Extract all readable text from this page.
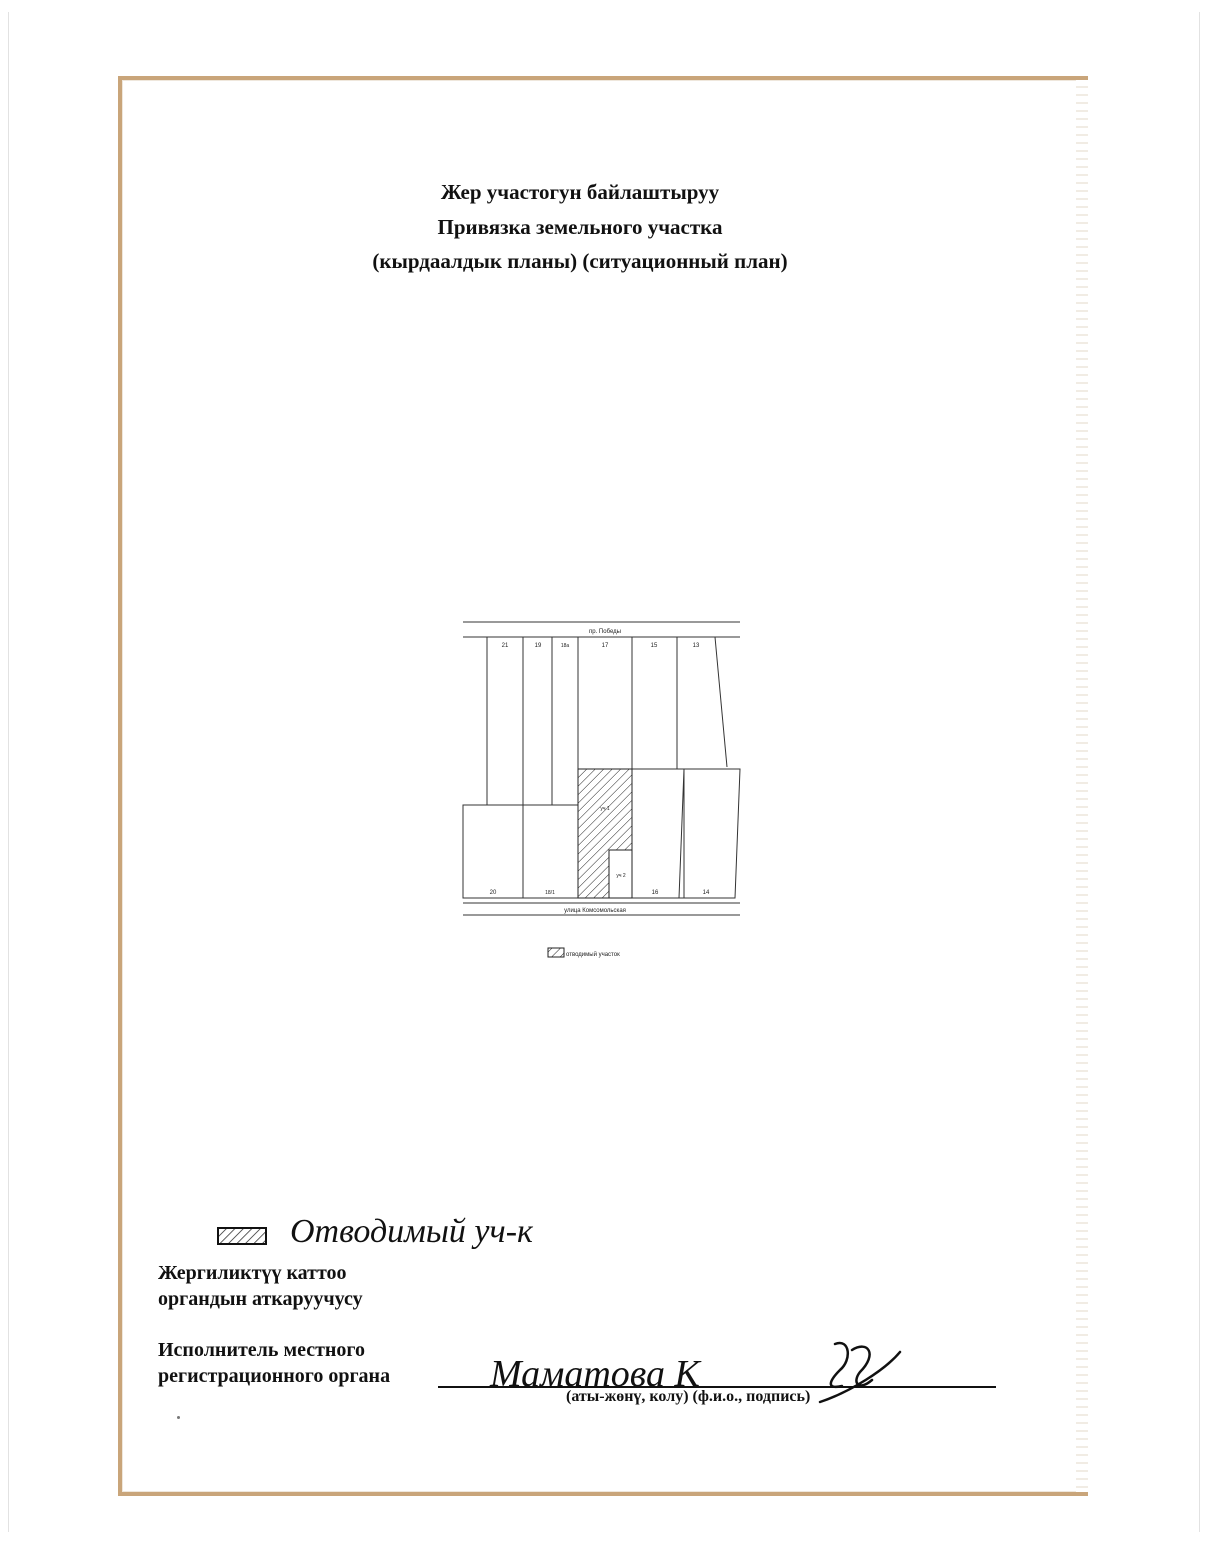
Жер участогун байлаштыруу
Привязка земельного участка
(кырдаалдык планы) (ситуационный план)
пр. Победы
21	19	18а	17	15	13
уч 1
уч 2
20	18/1	16	14
улица Комсомольская
отводимый участок
Отводимый уч-к
Жергиликтүү каттоо
органдын аткаруучусу
Исполнитель местного
регистрационного органа
(аты-жөнү, колу) (ф.и.о., подпись)
Маматова К
